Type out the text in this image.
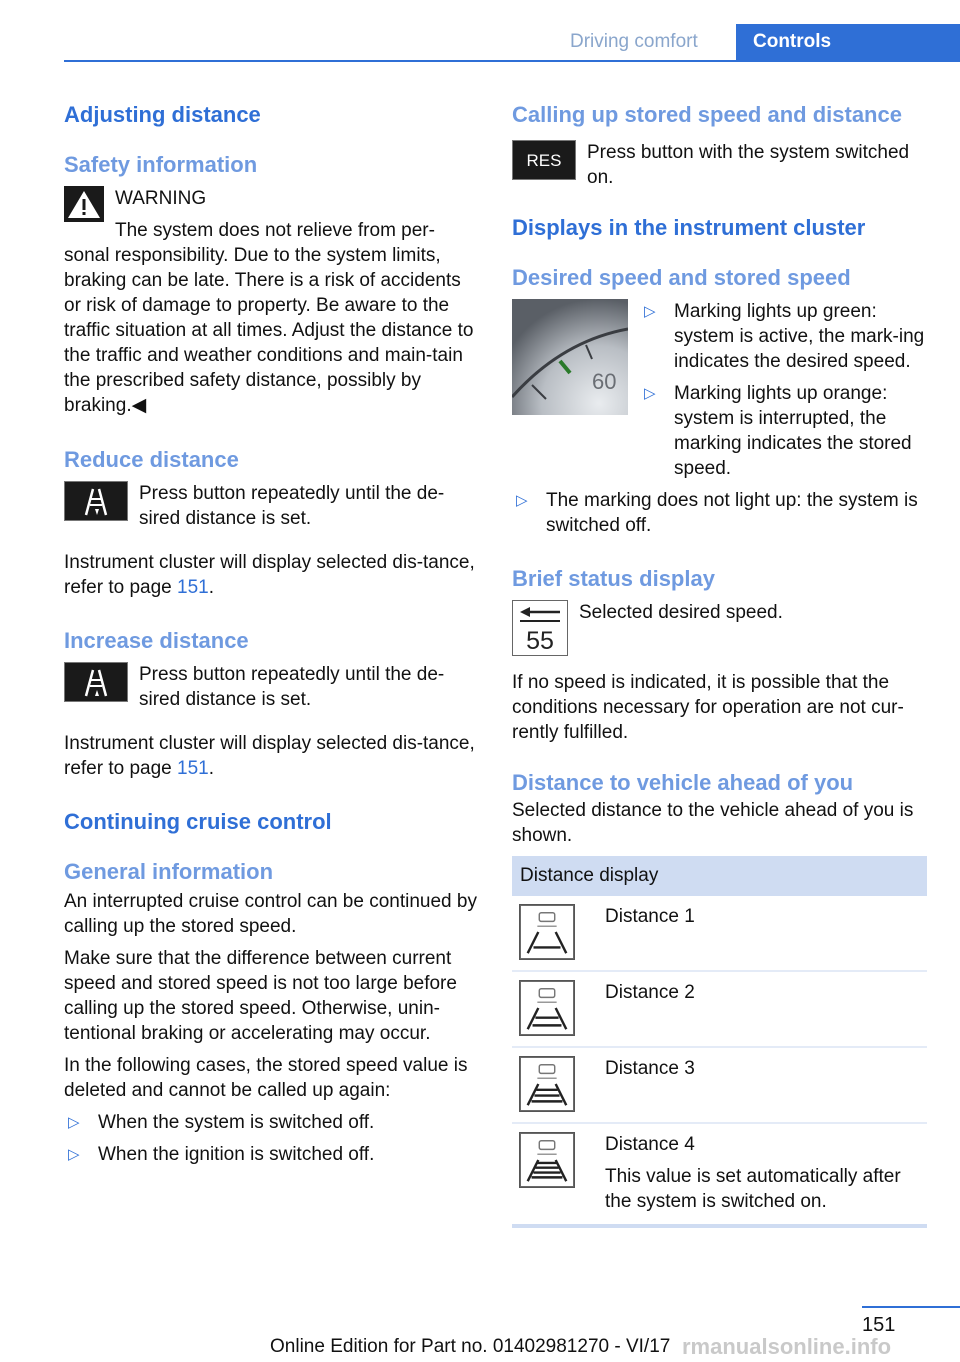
Driving comfort	Controls
Adjusting distance
Safety information

WARNING

The system does not relieve from per-

sonal responsibility. Due to the system limits, braking can be late. There is a risk of accidents or risk of damage to property. Be aware to the traffic situation at all times. Adjust the distance to the traffic and weather conditions and main-tain the prescribed safety distance, possibly by braking.◀

Reduce distance

Press button repeatedly until the de-sired distance is set.

Instrument cluster will display selected dis-tance, refer to page 151.

Increase distance

Press button repeatedly until the de-sired distance is set.

Instrument cluster will display selected dis-tance, refer to page 151.

Continuing cruise control
General information

An interrupted cruise control can be continued by calling up the stored speed.

Make sure that the difference between current speed and stored speed is not too large before calling up the stored speed. Otherwise, unin-tentional braking or accelerating may occur.

In the following cases, the stored speed value is deleted and cannot be called up again:

▷ When the system is switched off.
▷ When the ignition is switched off.
Calling up stored speed and distance
RES	Press button with the system switched on.

Displays in the instrument cluster
Desired speed and stored speed
60
▷ Marking lights up green: system is active, the mark-ing indicates the desired speed.
▷ Marking lights up orange: system is interrupted, the marking indicates the stored speed.
▷ The marking does not light up: the system is switched off.
Brief status display
55

Selected desired speed.

If no speed is indicated, it is possible that the conditions necessary for operation are not cur-rently fulfilled.

Distance to vehicle ahead of you

Selected distance to the vehicle ahead of you is shown.

Distance display	

Distance 1

Distance 2

Distance 3

Distance 4
This value is set automatically after the system is switched on.
151
Online Edition for Part no. 01402981270 - VI/17 rmanualsonline.info
